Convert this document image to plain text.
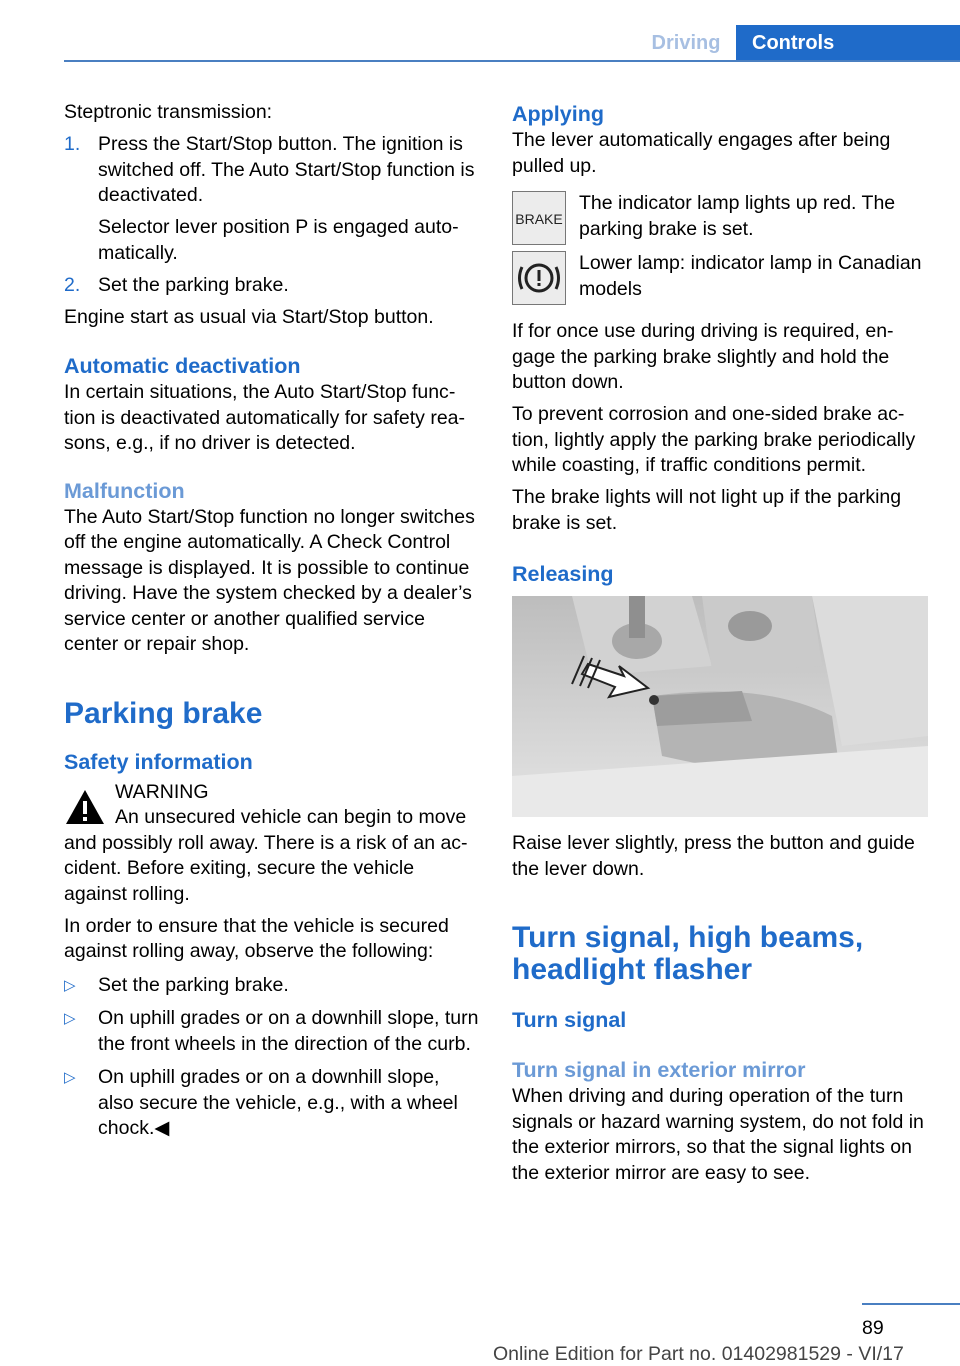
Driving	Controls

Steptronic transmission:

1. Press the Start/Stop button. The ignition is switched off. The Auto Start/Stop function is deactivated.
Selector lever position P is engaged automatically.
2. Set the parking brake.

Engine start as usual via Start/Stop button.

Automatic deactivation

In certain situations, the Auto Start/Stop function is deactivated automatically for safety reasons, e.g., if no driver is detected.

Malfunction

The Auto Start/Stop function no longer switches off the engine automatically. A Check Control message is displayed. It is possible to continue driving. Have the system checked by a dealer’s service center or another qualified service center or repair shop.

Parking brake
Safety information
WARNING

An unsecured vehicle can begin to move and possibly roll away. There is a risk of an accident. Before exiting, secure the vehicle against rolling.

In order to ensure that the vehicle is secured against rolling away, observe the following:

▷ Set the parking brake.
▷ On uphill grades or on a downhill slope, turn the front wheels in the direction of the curb.
▷ On uphill grades or on a downhill slope, also secure the vehicle, e.g., with a wheel chock.◀
Applying

The lever automatically engages after being pulled up.

BRAKE
The indicator lamp lights up red. The parking brake is set.
Lower lamp: indicator lamp in Canadian models

If for once use during driving is required, engage the parking brake slightly and hold the button down.

To prevent corrosion and one-sided brake action, lightly apply the parking brake periodically while coasting, if traffic conditions permit.

The brake lights will not light up if the parking brake is set.

Releasing

Raise lever slightly, press the button and guide the lever down.

Turn signal, high beams, headlight flasher
Turn signal
Turn signal in exterior mirror

When driving and during operation of the turn signals or hazard warning system, do not fold in the exterior mirrors, so that the signal lights on the exterior mirror are easy to see.

89
Online Edition for Part no. 01402981529 - VI/17
